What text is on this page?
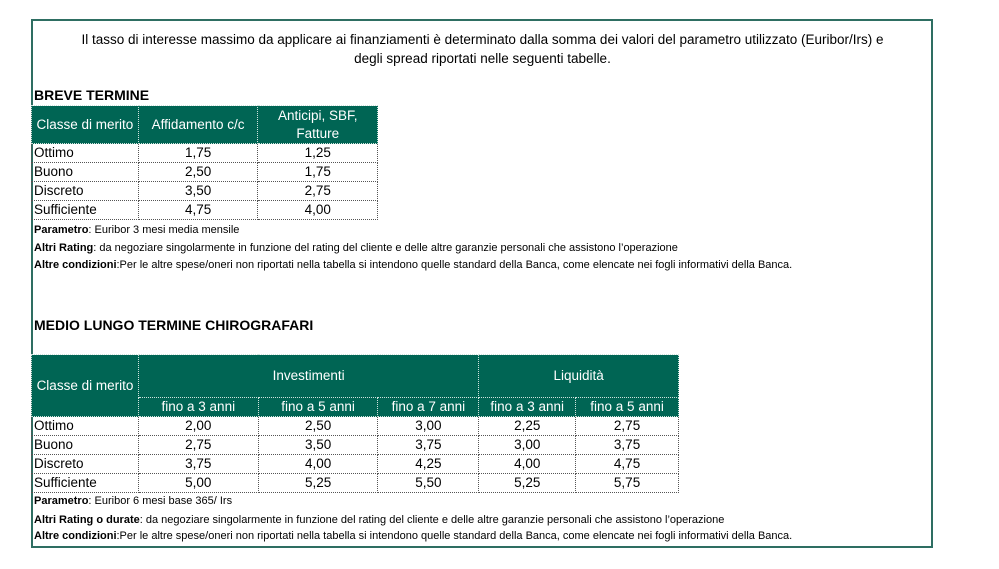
Il tasso di interesse massimo da applicare ai finanziamenti è determinato dalla somma dei valori del parametro utilizzato (Euribor/Irs) e
degli spread riportati nelle seguenti tabelle.
BREVE TERMINE
Classe di merito	Affidamento c/c	Anticipi, SBF, Fatture
Ottimo	1,75	1,25
Buono	2,50	1,75
Discreto	3,50	2,75
Sufficiente	4,75	4,00
Parametro: Euribor 3 mesi media mensile
Altri Rating: da negoziare singolarmente in funzione del rating del cliente e delle altre garanzie personali che assistono l’operazione
Altre condizioni:Per le altre spese/oneri non riportati nella tabella si intendono quelle standard della Banca, come elencate nei fogli informativi della Banca.
MEDIO LUNGO TERMINE CHIROGRAFARI
Classe di merito	Investimenti			Liquidità	
	fino a 3 anni	fino a 5 anni	fino a 7 anni	fino a 3 anni	fino a 5 anni
Ottimo	2,00	2,50	3,00	2,25	2,75
Buono	2,75	3,50	3,75	3,00	3,75
Discreto	3,75	4,00	4,25	4,00	4,75
Sufficiente	5,00	5,25	5,50	5,25	5,75
Parametro: Euribor 6 mesi base 365/ Irs
Altri Rating o durate: da negoziare singolarmente in funzione del rating del cliente e delle altre garanzie personali che assistono l’operazione
Altre condizioni:Per le altre spese/oneri non riportati nella tabella si intendono quelle standard della Banca, come elencate nei fogli informativi della Banca.
